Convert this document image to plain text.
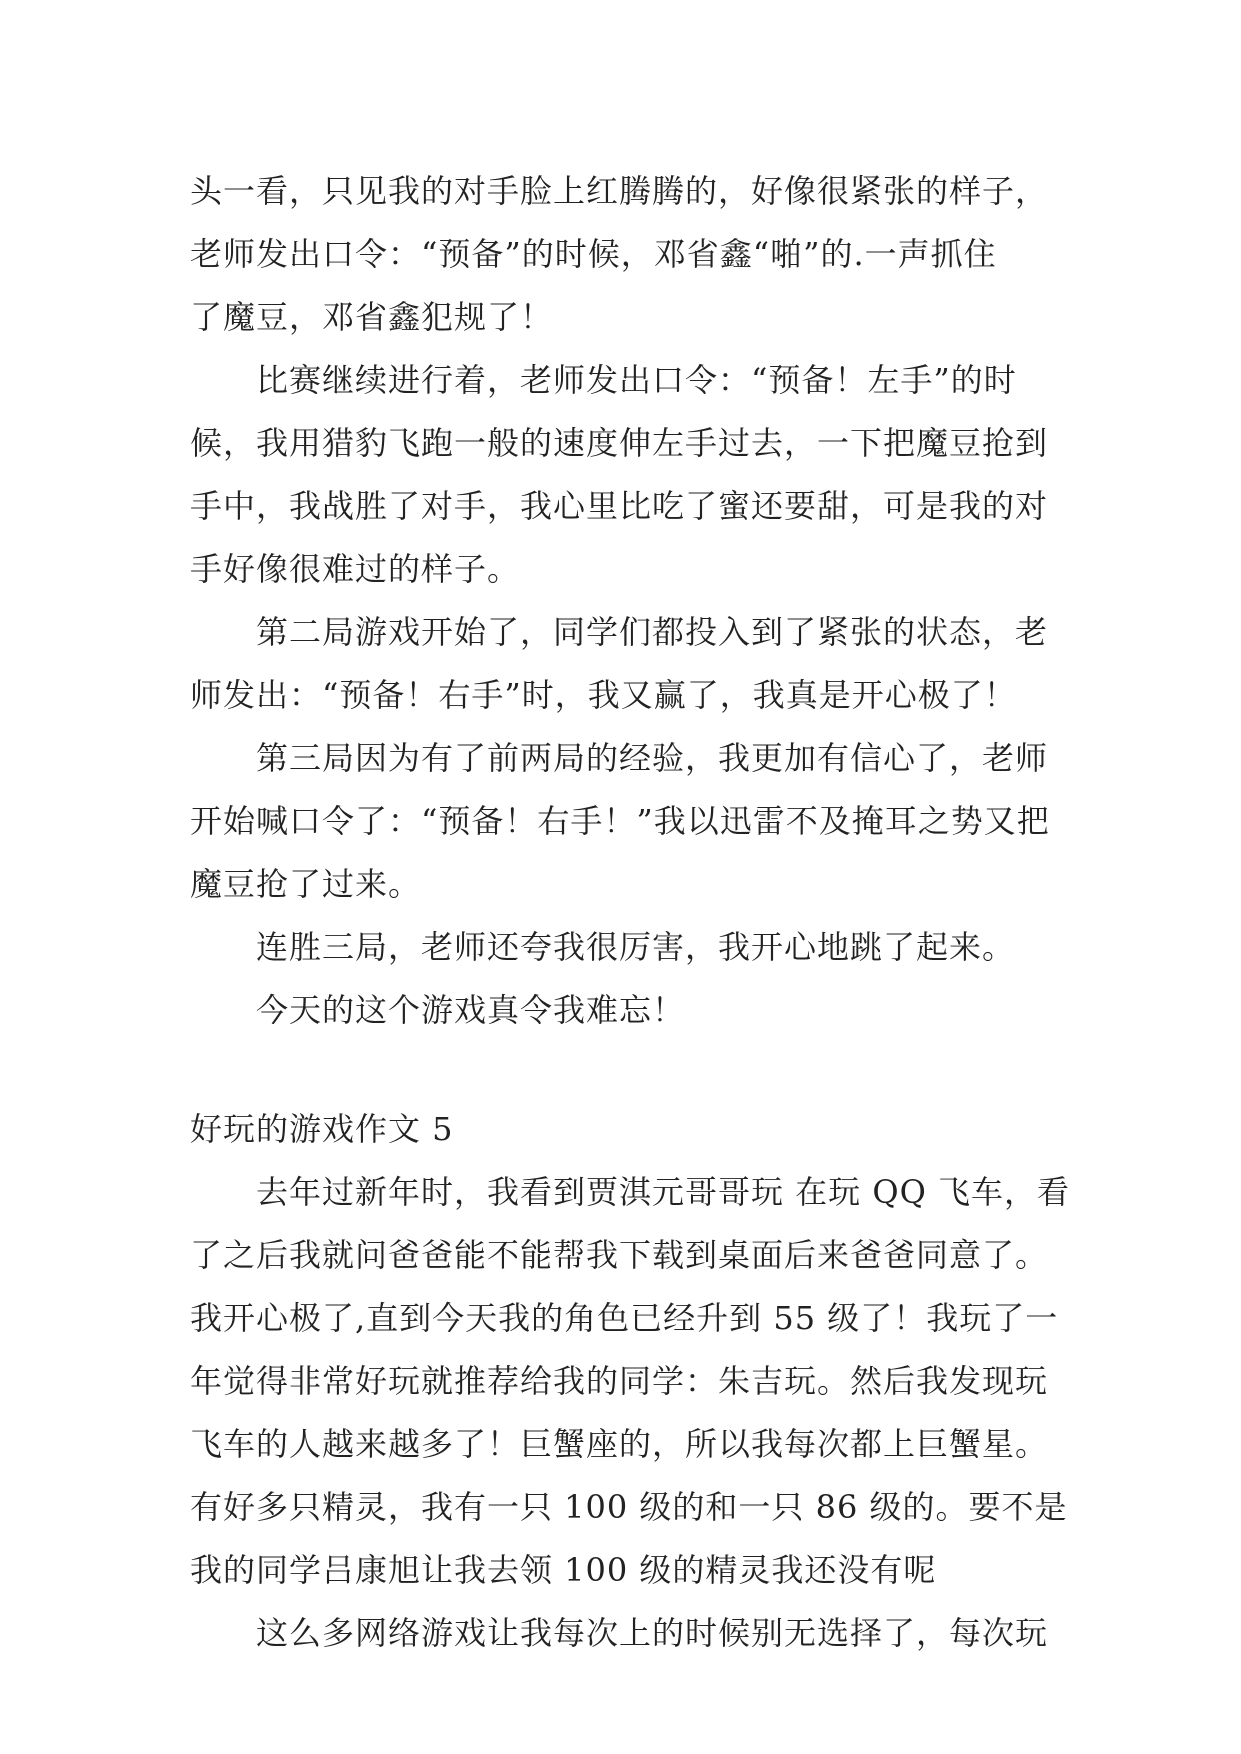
头一看，只见我的对手脸上红腾腾的，好像很紧张的样子，
老师发出口令：“预备”的时候，邓省鑫“啪”的.一声抓住
了魔豆，邓省鑫犯规了！
比赛继续进行着，老师发出口令：“预备！左手”的时
候，我用猎豹飞跑一般的速度伸左手过去，一下把魔豆抢到
手中，我战胜了对手，我心里比吃了蜜还要甜，可是我的对
手好像很难过的样子。
第二局游戏开始了，同学们都投入到了紧张的状态，老
师发出：“预备！右手”时，我又赢了，我真是开心极了！
第三局因为有了前两局的经验，我更加有信心了，老师
开始喊口令了：“预备！右手！”我以迅雷不及掩耳之势又把
魔豆抢了过来。
连胜三局，老师还夸我很厉害，我开心地跳了起来。
今天的这个游戏真令我难忘！
好玩的游戏作文 5
去年过新年时，我看到贾淇元哥哥玩 在玩 QQ 飞车，看
了之后我就问爸爸能不能帮我下载到桌面后来爸爸同意了。
我开心极了,直到今天我的角色已经升到 55 级了！我玩了一
年觉得非常好玩就推荐给我的同学：朱吉玩。然后我发现玩
飞车的人越来越多了！巨蟹座的，所以我每次都上巨蟹星。
有好多只精灵，我有一只 100 级的和一只 86 级的。要不是
我的同学吕康旭让我去领 100 级的精灵我还没有呢
这么多网络游戏让我每次上的时候别无选择了，每次玩
